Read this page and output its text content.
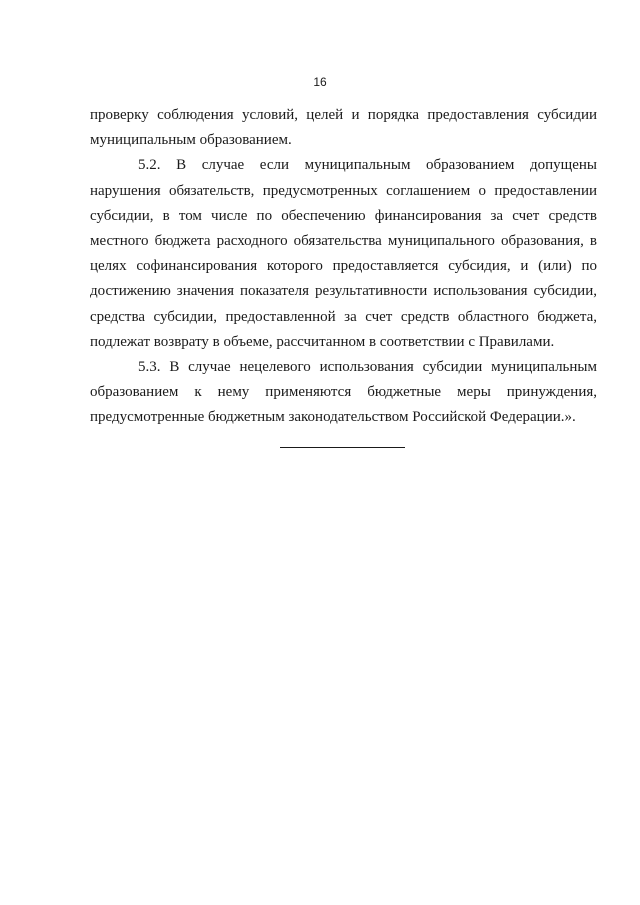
16

проверку соблюдения условий, целей и порядка предоставления субсидии муниципальным образованием.

5.2. В случае если муниципальным образованием допущены нарушения обязательств, предусмотренных соглашением о предоставлении субсидии, в том числе по обеспечению финансирования за счет средств местного бюджета расходного обязательства муниципального образования, в целях софинансирования которого предоставляется субсидия, и (или) по достижению значения показателя результативности использования субсидии, средства субсидии, предоставленной за счет средств областного бюджета, подлежат возврату в объеме, рассчитанном в соответствии с Правилами.

5.3. В случае нецелевого использования субсидии муниципальным образованием к нему применяются бюджетные меры принуждения, предусмотренные бюджетным законодательством Российской Федерации.».
